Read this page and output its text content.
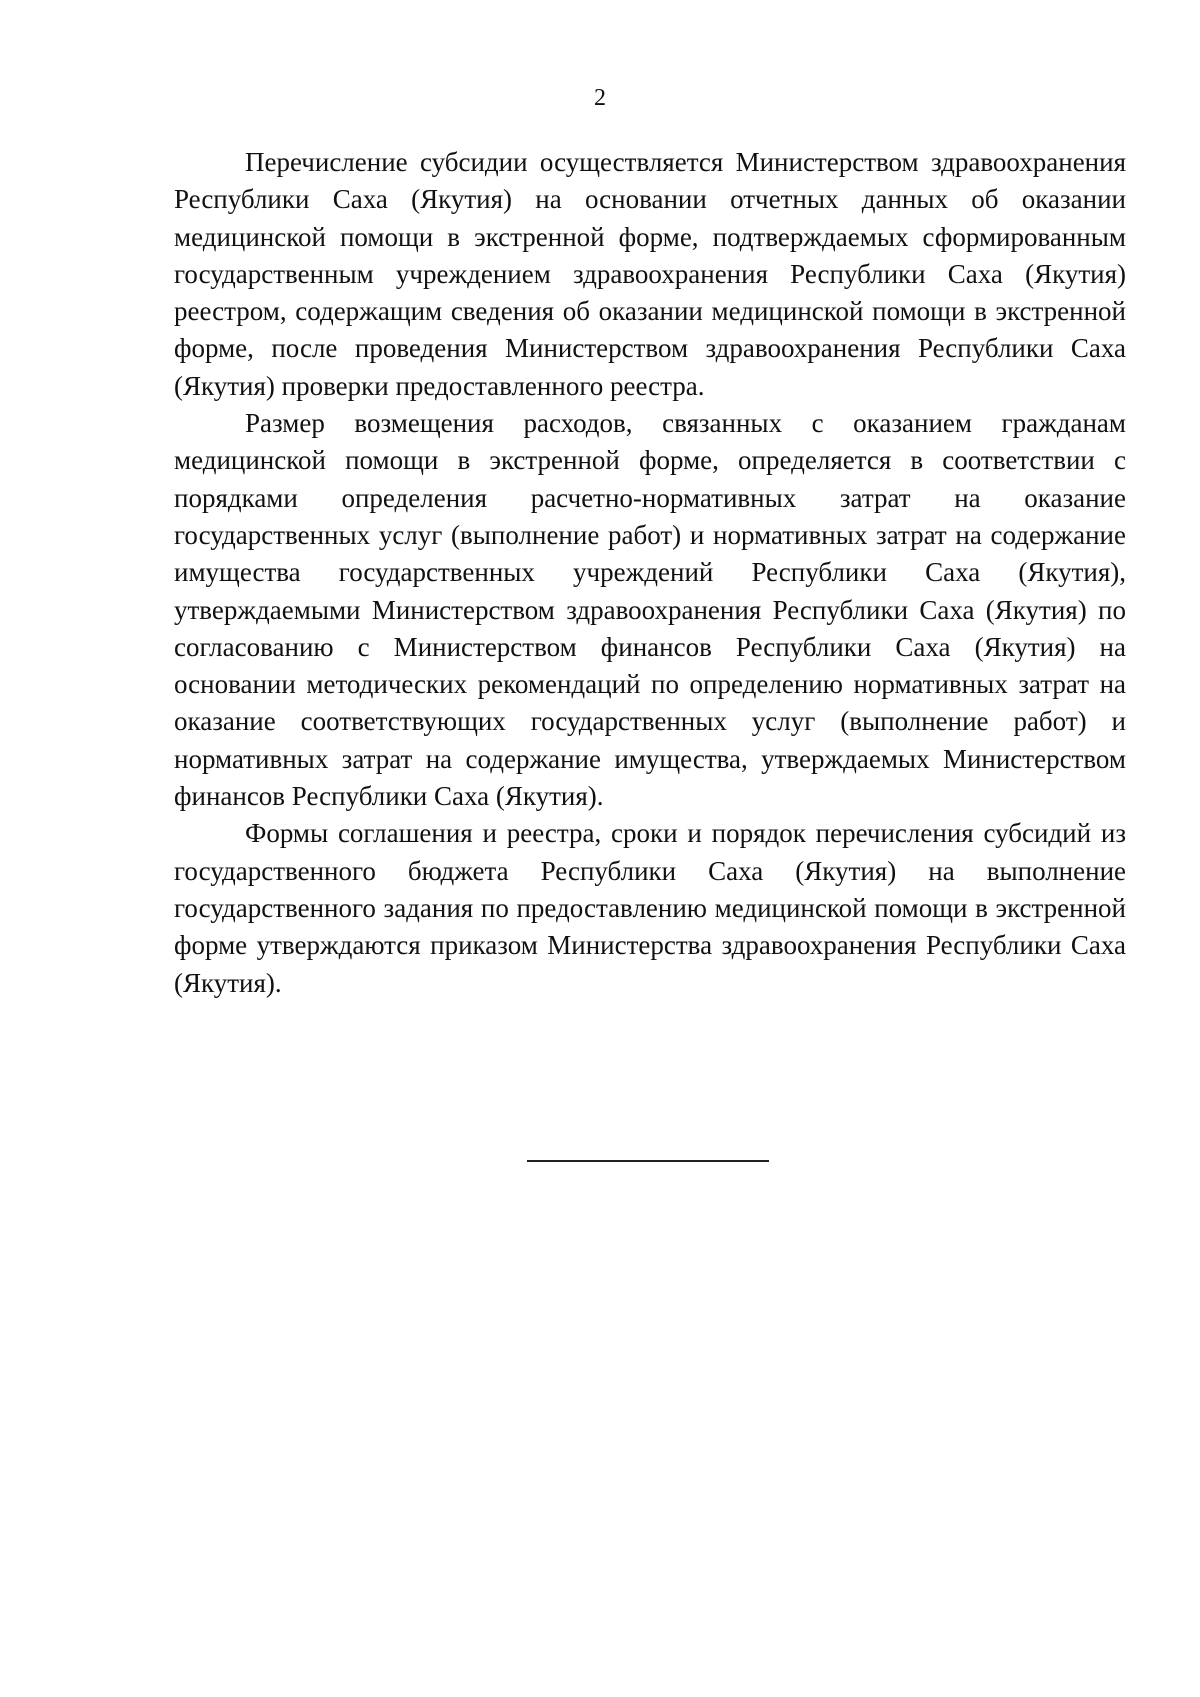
2

Перечисление субсидии осуществляется Министерством здравоохранения Республики Саха (Якутия) на основании отчетных данных об оказании медицинской помощи в экстренной форме, подтверждаемых сформированным государственным учреждением здравоохранения Республики Саха (Якутия) реестром, содержащим сведения об оказании медицинской помощи в экстренной форме, после проведения Министерством здравоохранения Республики Саха (Якутия) проверки предоставленного реестра.

Размер возмещения расходов, связанных с оказанием гражданам медицинской помощи в экстренной форме, определяется в соответствии с порядками определения расчетно-нормативных затрат на оказание государственных услуг (выполнение работ) и нормативных затрат на содержание имущества государственных учреждений Республики Саха (Якутия), утверждаемыми Министерством здравоохранения Республики Саха (Якутия) по согласованию с Министерством финансов Республики Саха (Якутия) на основании методических рекомендаций по определению нормативных затрат на оказание соответствующих государственных услуг (выполнение работ) и нормативных затрат на содержание имущества, утверждаемых Министерством финансов Республики Саха (Якутия).

Формы соглашения и реестра, сроки и порядок перечисления субсидий из государственного бюджета Республики Саха (Якутия) на выполнение государственного задания по предоставлению медицинской помощи в экстренной форме утверждаются приказом Министерства здравоохранения Республики Саха (Якутия).
